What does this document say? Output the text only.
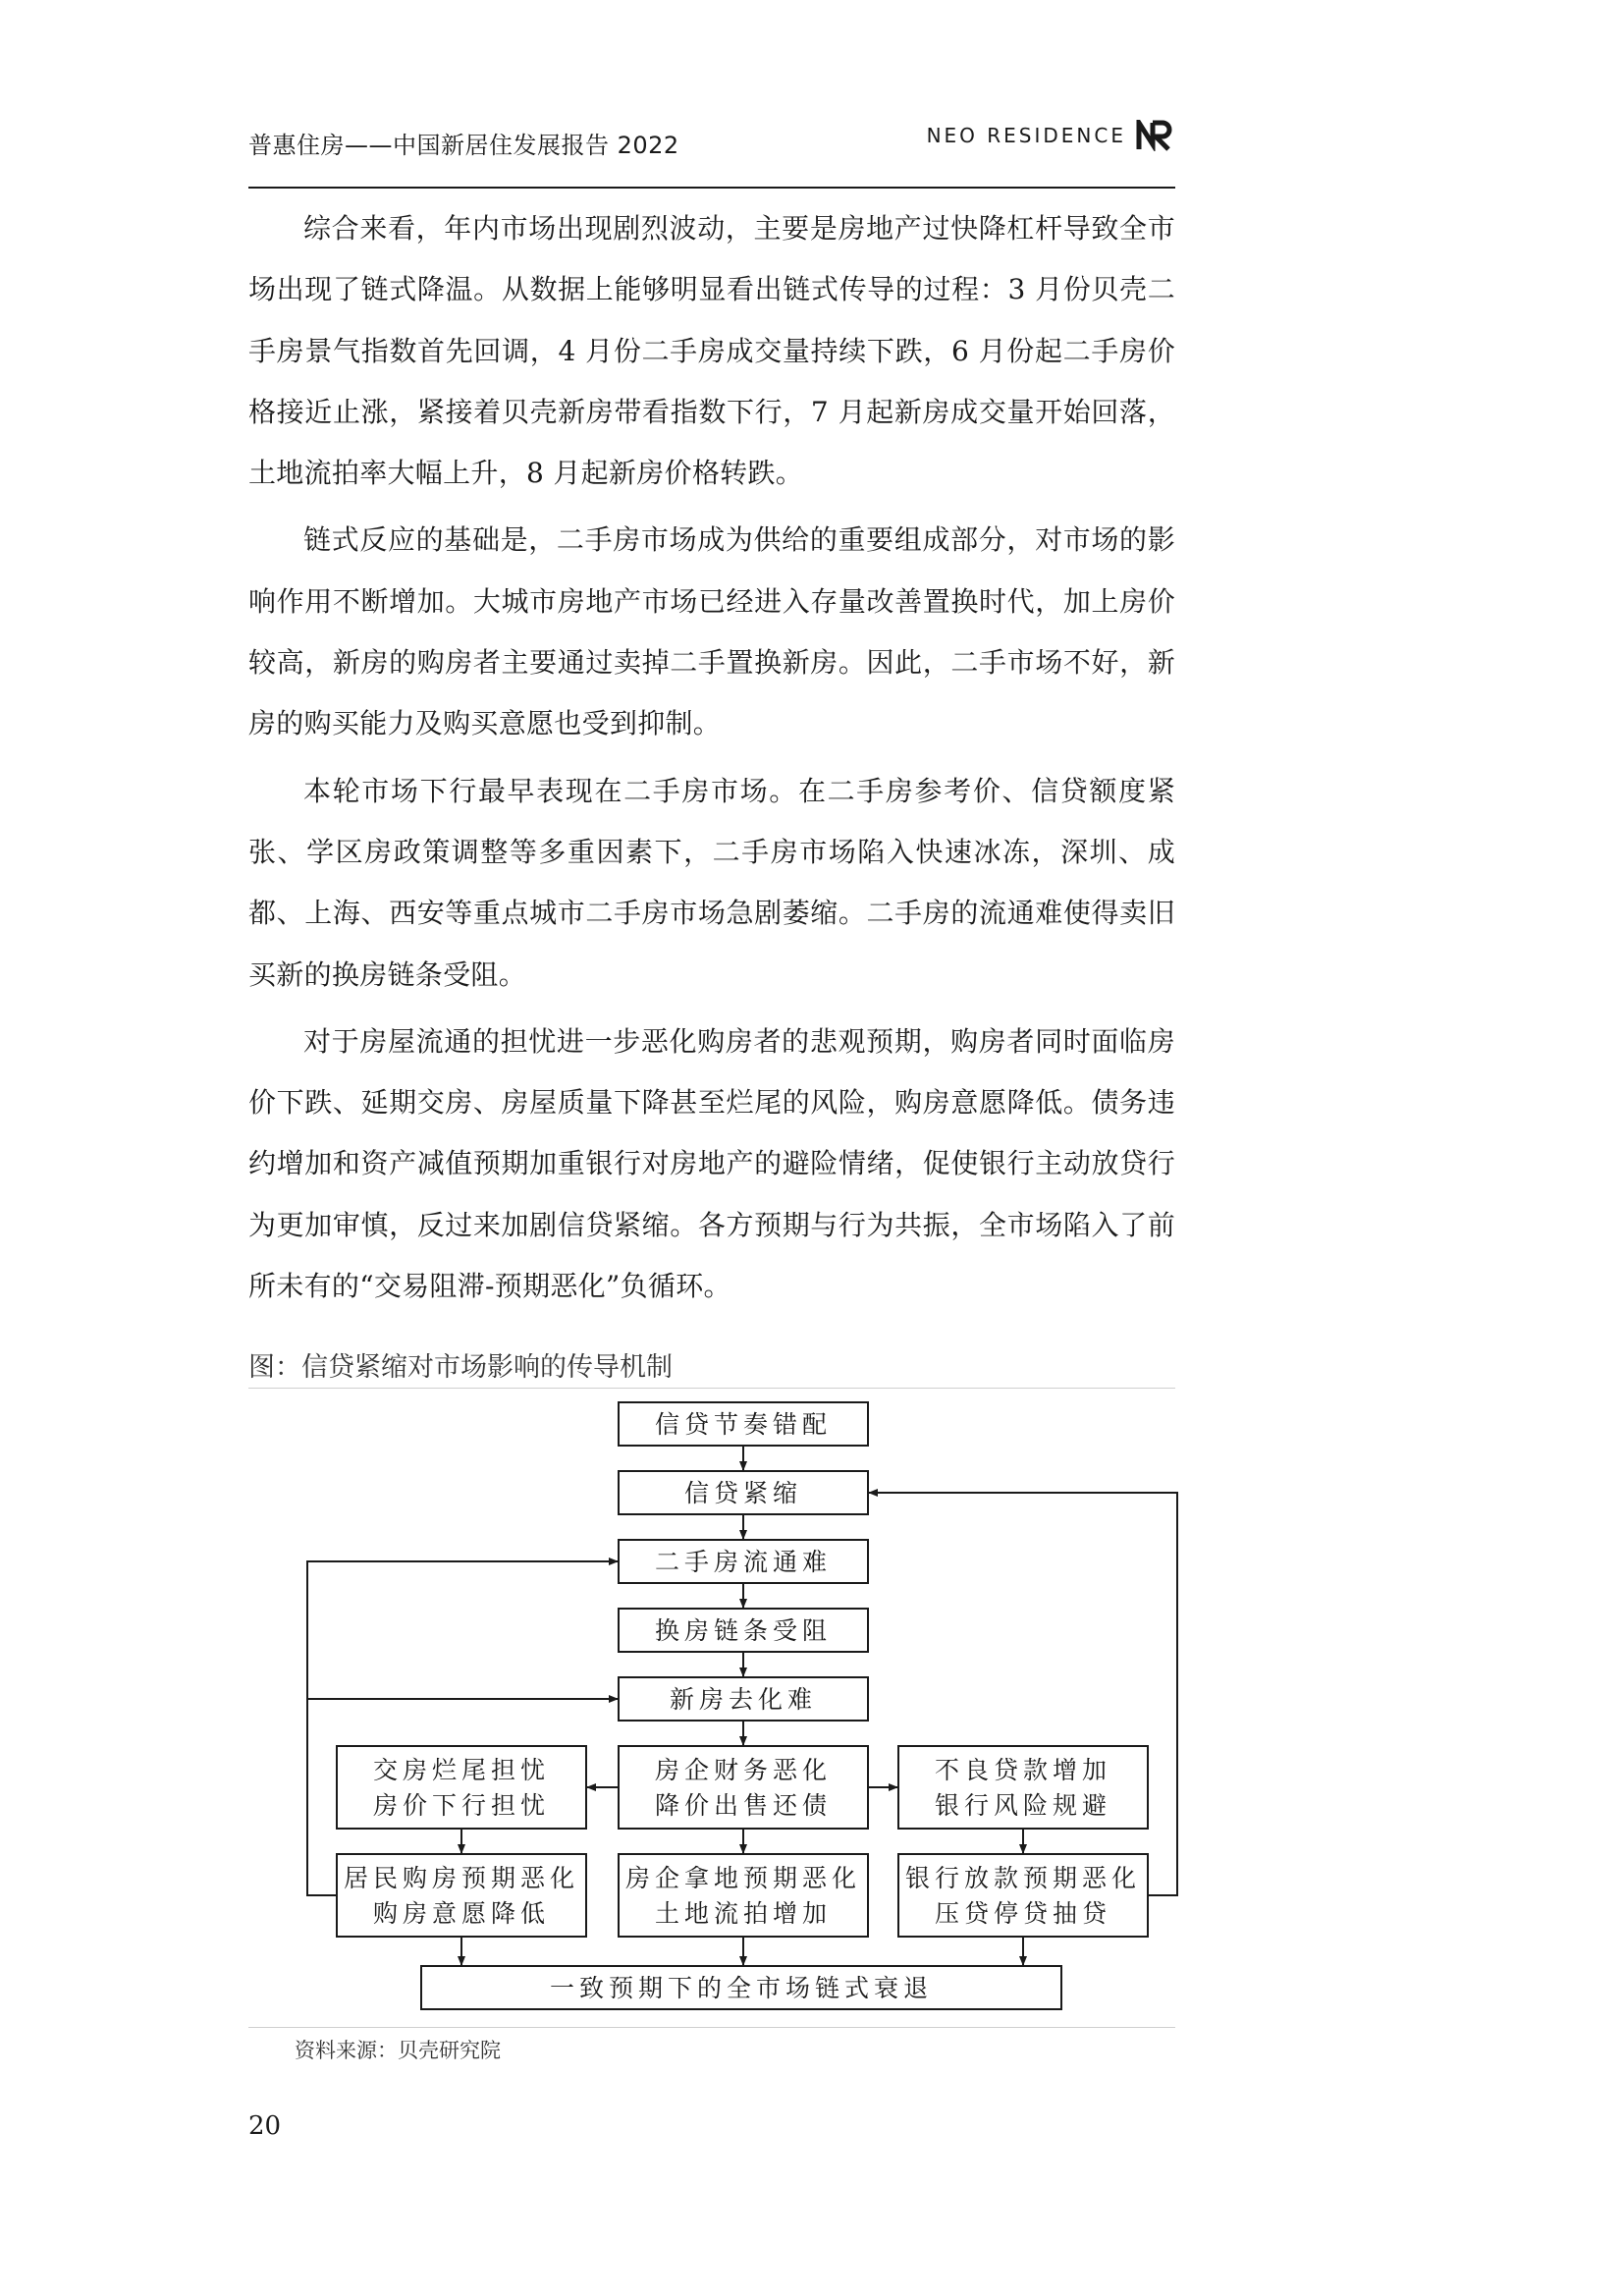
普惠住房——中国新居住发展报告 2022	NEO RESIDENCE

综合来看，年内市场出现剧烈波动，主要是房地产过快降杠杆导致全市场出现了链式降温。从数据上能够明显看出链式传导的过程：3 月份贝壳二手房景气指数首先回调，4 月份二手房成交量持续下跌，6 月份起二手房价格接近止涨，紧接着贝壳新房带看指数下行，7 月起新房成交量开始回落，土地流拍率大幅上升，8 月起新房价格转跌。

链式反应的基础是，二手房市场成为供给的重要组成部分，对市场的影响作用不断增加。大城市房地产市场已经进入存量改善置换时代，加上房价较高，新房的购房者主要通过卖掉二手置换新房。因此，二手市场不好，新房的购买能力及购买意愿也受到抑制。

本轮市场下行最早表现在二手房市场。在二手房参考价、信贷额度紧张、学区房政策调整等多重因素下，二手房市场陷入快速冰冻，深圳、成都、上海、西安等重点城市二手房市场急剧萎缩。二手房的流通难使得卖旧买新的换房链条受阻。

对于房屋流通的担忧进一步恶化购房者的悲观预期，购房者同时面临房价下跌、延期交房、房屋质量下降甚至烂尾的风险，购房意愿降低。债务违约增加和资产减值预期加重银行对房地产的避险情绪，促使银行主动放贷行为更加审慎，反过来加剧信贷紧缩。各方预期与行为共振，全市场陷入了前所未有的“交易阻滞-预期恶化”负循环。

图：信贷紧缩对市场影响的传导机制
信贷节奏错配
信贷紧缩
二手房流通难
换房链条受阻
新房去化难
交房烂尾担忧
房价下行担忧
房企财务恶化
降价出售还债
不良贷款增加
银行风险规避
居民购房预期恶化
购房意愿降低
房企拿地预期恶化
土地流拍增加
银行放款预期恶化
压贷停贷抽贷
一致预期下的全市场链式衰退
资料来源：贝壳研究院
20
